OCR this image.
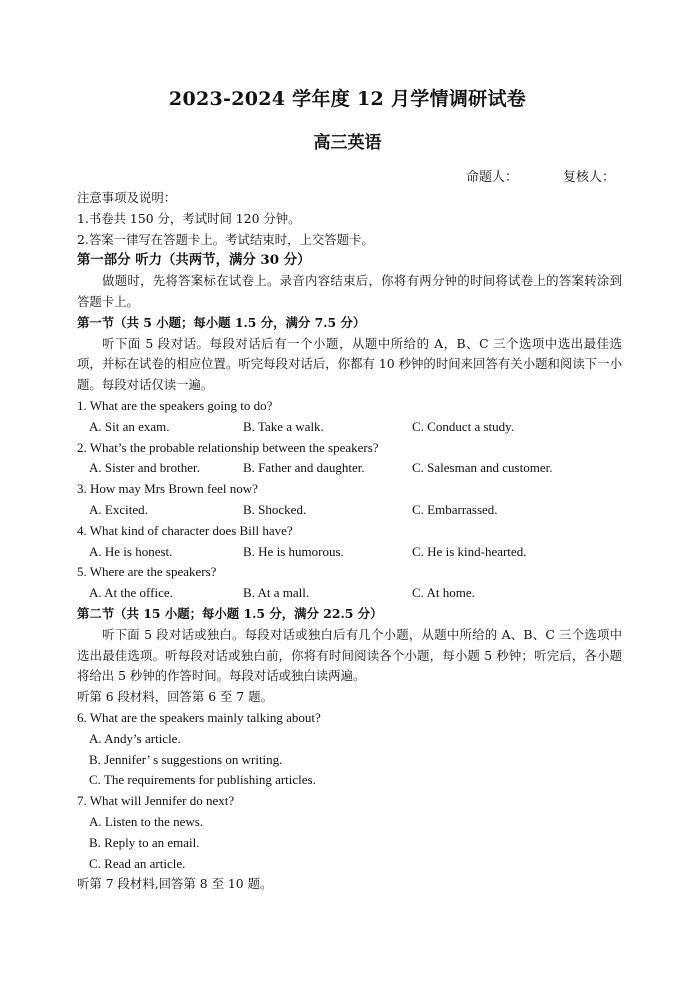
2023-2024 学年度 12 月学情调研试卷
高三英语
命题人：	复核人：
注意事项及说明：
1.书卷共 150 分，考试时间 120 分钟。
2.答案一律写在答题卡上。考试结束时，上交答题卡。
第一部分 听力（共两节，满分 30 分）
做题时，先将答案标在试卷上。录音内容结束后，你将有两分钟的时间将试卷上的答案转涂到答题卡上。
第一节（共 5 小题；每小题 1.5 分，满分 7.5 分）
听下面 5 段对话。每段对话后有一个小题，从题中所给的 A，B、C 三个选项中选出最佳选项，并标在试卷的相应位置。听完每段对话后，你都有 10 秒钟的时间来回答有关小题和阅读下一小题。每段对话仅读一遍。
1. What are the speakers going to do?
A. Sit an exam.	B. Take a walk.	C. Conduct a study.
2. What’s the probable relationship between the speakers?
A. Sister and brother.	B. Father and daughter.	C. Salesman and customer.
3. How may Mrs Brown feel now?
A. Excited.	B. Shocked.	C. Embarrassed.
4. What kind of character does Bill have?
A. He is honest.	B. He is humorous.	C. He is kind-hearted.
5. Where are the speakers?
A. At the office.	B. At a mall.	C. At home.
第二节（共 15 小题；每小题 1.5 分，满分 22.5 分）
听下面 5 段对话或独白。每段对话或独白后有几个小题，从题中所给的 A、B、C 三个选项中选出最佳选项。听每段对话或独白前，你将有时间阅读各个小题，每小题 5 秒钟；听完后，各小题将给出 5 秒钟的作答时间。每段对话或独白读两遍。
听第 6 段材料，回答第 6 至 7 题。
6. What are the speakers mainly talking about?
A. Andy’s article.
B. Jennifer’ s suggestions on writing.
C. The requirements for publishing articles.
7. What will Jennifer do next?
A. Listen to the news.
B. Reply to an email.
C. Read an article.
听第 7 段材料,回答第 8 至 10 题。
